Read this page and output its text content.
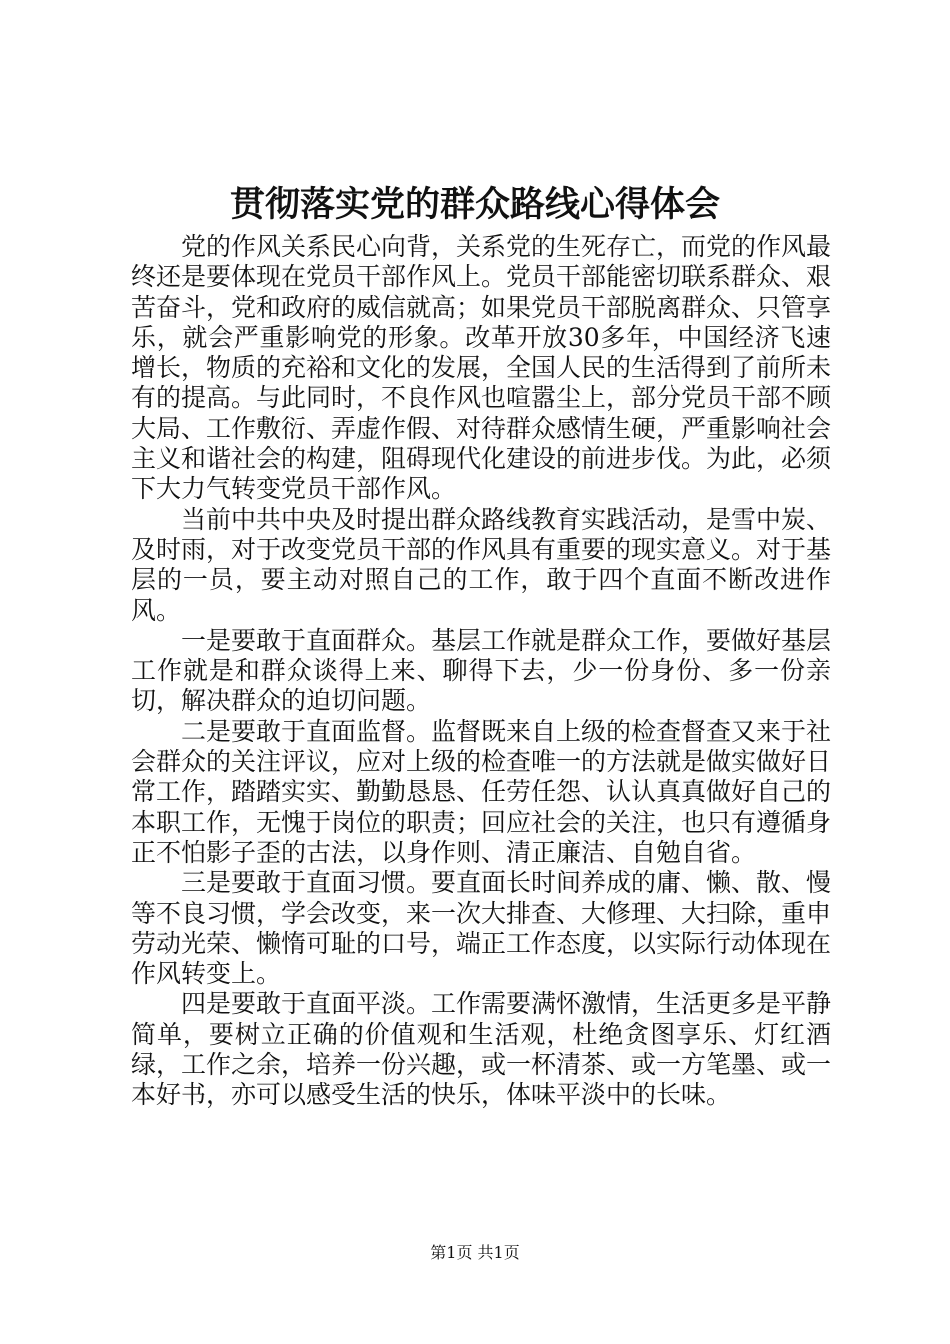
贯彻落实党的群众路线心得体会

党的作风关系民心向背，关系党的生死存亡，而党的作风最终还是要体现在党员干部作风上。党员干部能密切联系群众、艰苦奋斗，党和政府的威信就高；如果党员干部脱离群众、只管享乐，就会严重影响党的形象。改革开放30多年，中国经济飞速增长，物质的充裕和文化的发展，全国人民的生活得到了前所未有的提高。与此同时，不良作风也喧嚣尘上，部分党员干部不顾大局、工作敷衍、弄虚作假、对待群众感情生硬，严重影响社会主义和谐社会的构建，阻碍现代化建设的前进步伐。为此，必须下大力气转变党员干部作风。

当前中共中央及时提出群众路线教育实践活动，是雪中炭、及时雨，对于改变党员干部的作风具有重要的现实意义。对于基层的一员，要主动对照自己的工作，敢于四个直面不断改进作风。

一是要敢于直面群众。基层工作就是群众工作，要做好基层工作就是和群众谈得上来、聊得下去，少一份身份、多一份亲切，解决群众的迫切问题。

二是要敢于直面监督。监督既来自上级的检查督查又来于社会群众的关注评议，应对上级的检查唯一的方法就是做实做好日常工作，踏踏实实、勤勤恳恳、任劳任怨、认认真真做好自己的本职工作，无愧于岗位的职责；回应社会的关注，也只有遵循身正不怕影子歪的古法，以身作则、清正廉洁、自勉自省。

三是要敢于直面习惯。要直面长时间养成的庸、懒、散、慢等不良习惯，学会改变，来一次大排查、大修理、大扫除，重申劳动光荣、懒惰可耻的口号，端正工作态度，以实际行动体现在作风转变上。

四是要敢于直面平淡。工作需要满怀激情，生活更多是平静简单，要树立正确的价值观和生活观，杜绝贪图享乐、灯红酒绿，工作之余，培养一份兴趣，或一杯清茶、或一方笔墨、或一本好书，亦可以感受生活的快乐，体味平淡中的长味。

第1页 共1页
